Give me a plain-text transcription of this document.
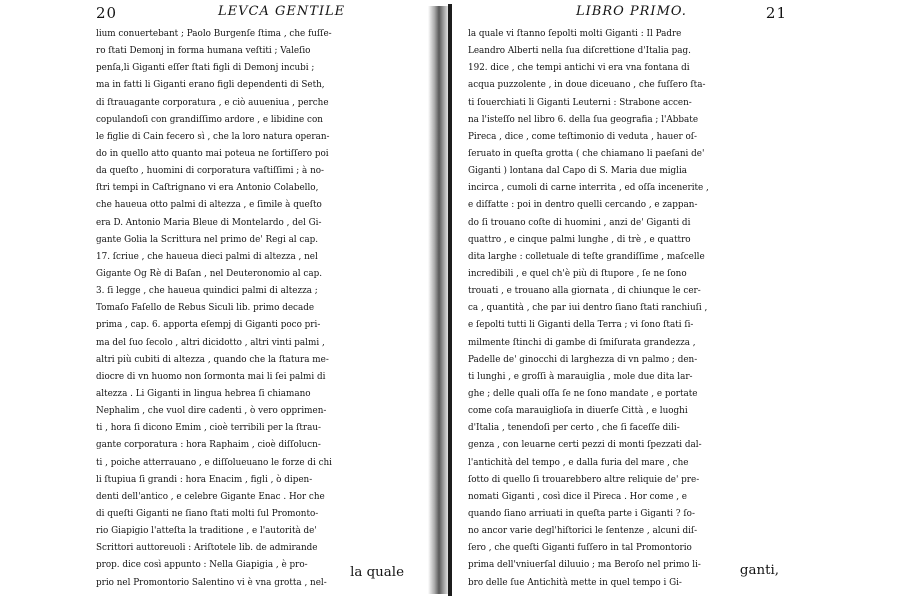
20	LEVCA GENTILE
lium conuertebant ; Paolo Burgenſe ſtima , che fuſſe-
ro ſtati Demonj in forma humana veſtiti ; Valeſio
penſa,li Giganti eſſer ſtati figli di Demonj incubi ;
ma in fatti li Giganti erano figli dependenti di Seth,
di ſtrauagante corporatura , e ciò auueniua , perche
copulandoſi con grandiſſimo ardore , e libidine con
le figlie di Cain fecero sì , che la loro natura operan-
do in quello atto quanto mai poteua ne ſortiſſero poi
da queſto , huomini di corporatura vaſtiſſimi ; à no-
ſtri tempi in Caſtrignano vi era Antonio Colabello,
che haueua otto palmi di altezza , e ſimile à queſto
era D. Antonio Maria Bleue di Montelardo , del Gi-
gante Golia la Scrittura nel primo de' Regi al cap.
17. ſcriue , che haueua dieci palmi di altezza , nel
Gigante Og Rè di Baſan , nel Deuteronomio al cap.
3. ſi legge , che haueua quindici palmi di altezza ;
Tomaſo Faſello de Rebus Siculi lib. primo decade
prima , cap. 6. apporta eſempj di Giganti poco pri-
ma del ſuo ſecolo , altri dicidotto , altri vinti palmi ,
altri più cubiti di altezza , quando che la ſtatura me-
diocre di vn huomo non ſormonta mai li ſei palmi di
altezza . Li Giganti in lingua hebrea ſi chiamano
Nephalim , che vuol dire cadenti , ò vero opprimen-
ti , hora ſi dicono Emim , cioè terribili per la ſtrau-
gante corporatura : hora Raphaim , cioè diſſolucn-
ti , poiche atterrauano , e diſſolueuano le forze di chi
li ſtupiua ſi grandi : hora Enacim , figli , ò dipen-
denti dell'antico , e celebre Gigante Enac . Hor che
di queſti Giganti ne ſiano ſtati molti ſul Promonto-
rio Giapigio l'atteſta la traditione , e l'autorità de'
Scrittori auttoreuoli : Ariſtotele lib. de admirande
prop. dice così appunto : Nella Giapigia , è pro-
prio nel Promontorio Salentino vi è vna grotta , nel-
la quale
LIBRO PRIMO.	21
la quale vi ſtanno ſepolti molti Giganti : Il Padre
Leandro Alberti nella ſua diſcrettione d'Italia pag.
192. dice , che tempi antichi vi era vna fontana di
acqua puzzolente , in doue diceuano , che fuſſero ſta-
ti ſouerchiati li Giganti Leuterni : Strabone accen-
na l'isteſſo nel libro 6. della ſua geografia ; l'Abbate
Pireca , dice , come teſtimonio di veduta , hauer oſ-
ſeruato in queſta grotta ( che chiamano li paeſani de'
Giganti ) lontana dal Capo di S. Maria due miglia
incirca , cumoli di carne interrita , ed oſſa incenerite ,
e diſfatte : poi in dentro quelli cercando , e zappan-
do ſi trouano coſte di huomini , anzi de' Giganti di
quattro , e cinque palmi lunghe , di trè , e quattro
dita larghe : colletuale di teſte grandiſſime , maſcelle
incredibili , e quel ch'è più di ſtupore , ſe ne ſono
trouati , e trouano alla giornata , di chiunque le cer-
ca , quantità , che par iui dentro ſiano ſtati ranchiuſi ,
e ſepolti tutti li Giganti della Terra ; vi ſono ſtati ſi-
milmente ſtinchi di gambe di ſmiſurata grandezza ,
Padelle de' ginocchi di larghezza di vn palmo ; den-
ti lunghi , e groſſi à marauiglia , mole due dita lar-
ghe ; delle quali oſſa ſe ne ſono mandate , e portate
come coſa marauiglioſa in diuerſe Città , e luoghi
d'Italia , tenendoſi per certo , che ſi faceſſe dili-
genza , con leuarne certi pezzi di monti ſpezzati dal-
l'antichità del tempo , e dalla furia del mare , che
ſotto di quello ſi trouarebbero altre reliquie de' pre-
nomati Giganti , così dice il Pireca . Hor come , e
quando ſiano arriuati in queſta parte i Giganti ? ſo-
no ancor varie degl'hiſtorici le ſentenze , alcuni diſ-
ſero , che queſti Giganti fuſſero in tal Promontorio
prima dell'vniuerſal diluuio ; ma Beroſo nel primo li-
bro delle ſue Antichità mette in quel tempo i Gi-
ganti,
